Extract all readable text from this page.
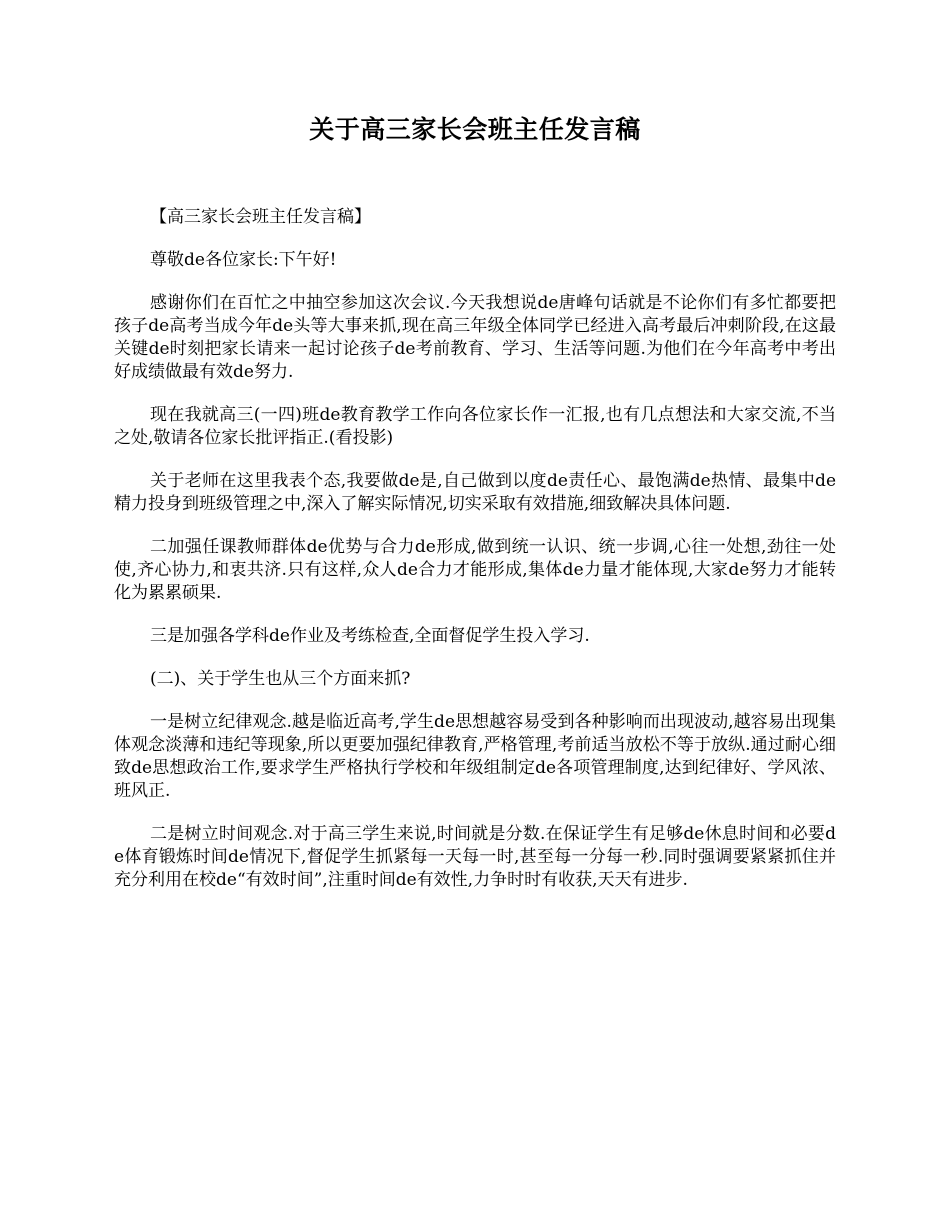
关于高三家长会班主任发言稿

【高三家长会班主任发言稿】

尊敬de各位家长:下午好!

感谢你们在百忙之中抽空参加这次会议.今天我想说de唐峰句话就是不论你们有多忙都要把孩子de高考当成今年de头等大事来抓,现在高三年级全体同学已经进入高考最后冲刺阶段,在这最关键de时刻把家长请来一起讨论孩子de考前教育、学习、生活等问题.为他们在今年高考中考出好成绩做最有效de努力.

现在我就高三(一四)班de教育教学工作向各位家长作一汇报,也有几点想法和大家交流,不当之处,敬请各位家长批评指正.(看投影)

关于老师在这里我表个态,我要做de是,自己做到以度de责任心、最饱满de热情、最集中de精力投身到班级管理之中,深入了解实际情况,切实采取有效措施,细致解决具体问题.

二加强任课教师群体de优势与合力de形成,做到统一认识、统一步调,心往一处想,劲往一处使,齐心协力,和衷共济.只有这样,众人de合力才能形成,集体de力量才能体现,大家de努力才能转化为累累硕果.

三是加强各学科de作业及考练检查,全面督促学生投入学习.

(二)、关于学生也从三个方面来抓?

一是树立纪律观念.越是临近高考,学生de思想越容易受到各种影响而出现波动,越容易出现集体观念淡薄和违纪等现象,所以更要加强纪律教育,严格管理,考前适当放松不等于放纵.通过耐心细致de思想政治工作,要求学生严格执行学校和年级组制定de各项管理制度,达到纪律好、学风浓、班风正.

二是树立时间观念.对于高三学生来说,时间就是分数.在保证学生有足够de休息时间和必要de体育锻炼时间de情况下,督促学生抓紧每一天每一时,甚至每一分每一秒.同时强调要紧紧抓住并充分利用在校de“有效时间”,注重时间de有效性,力争时时有收获,天天有进步.
